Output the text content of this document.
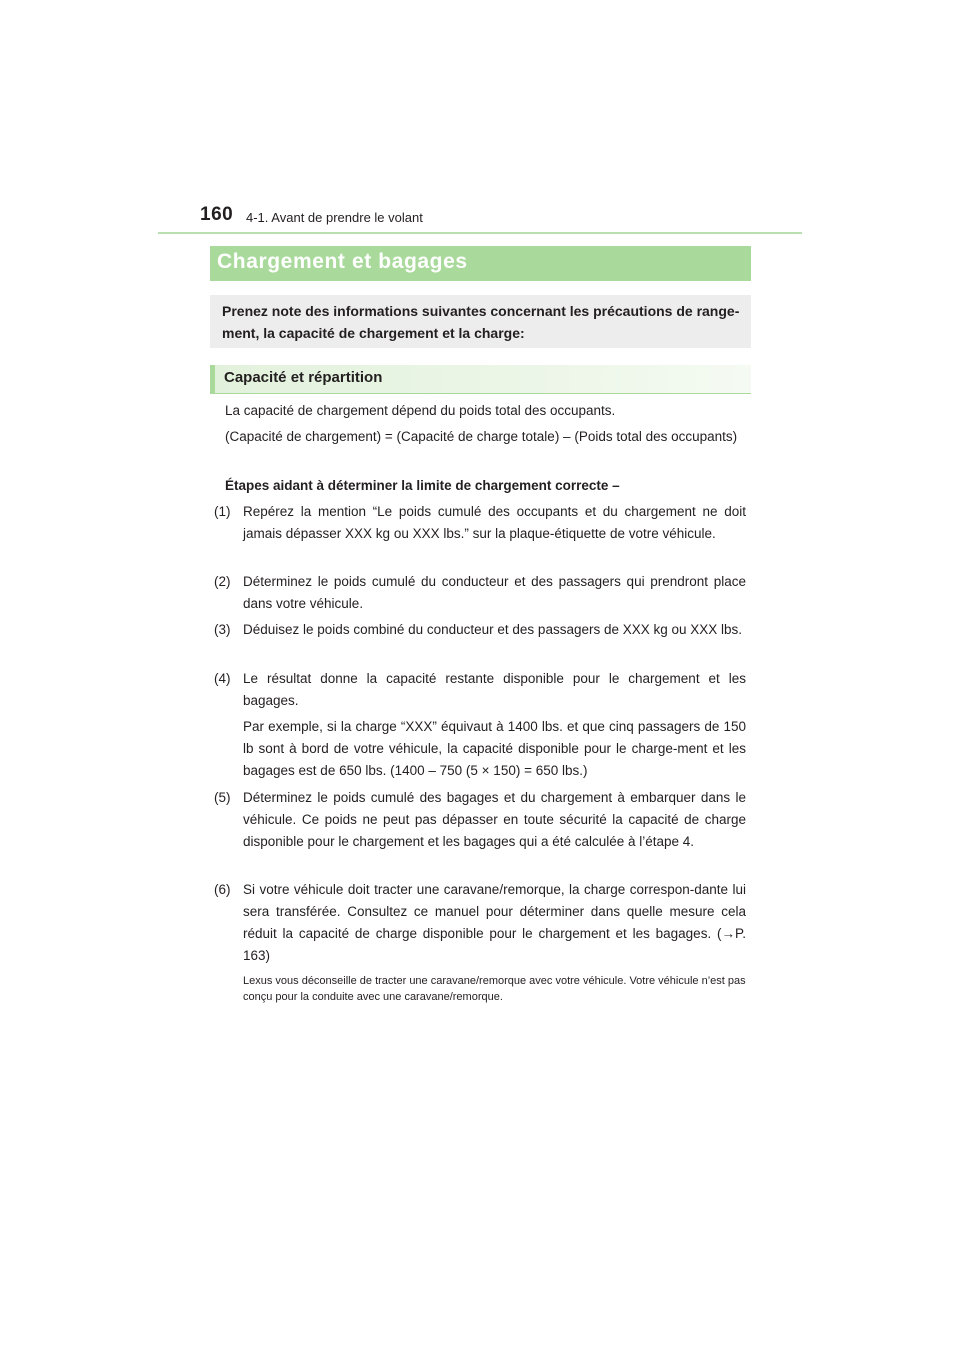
160 4-1. Avant de prendre le volant
Chargement et bagages
Prenez note des informations suivantes concernant les précautions de range-ment, la capacité de chargement et la charge:
Capacité et répartition
La capacité de chargement dépend du poids total des occupants.
(Capacité de chargement) = (Capacité de charge totale) – (Poids total des occupants)
Étapes aidant à déterminer la limite de chargement correcte –
(1) Repérez la mention “Le poids cumulé des occupants et du chargement ne doit jamais dépasser XXX kg ou XXX lbs.” sur la plaque-étiquette de votre véhicule.
(2) Déterminez le poids cumulé du conducteur et des passagers qui prendront place dans votre véhicule.
(3) Déduisez le poids combiné du conducteur et des passagers de XXX kg ou XXX lbs.
(4) Le résultat donne la capacité restante disponible pour le chargement et les bagages.
Par exemple, si la charge “XXX” équivaut à 1400 lbs. et que cinq passagers de 150 lb sont à bord de votre véhicule, la capacité disponible pour le charge-ment et les bagages est de 650 lbs. (1400 – 750 (5 × 150) = 650 lbs.)
(5) Déterminez le poids cumulé des bagages et du chargement à embarquer dans le véhicule. Ce poids ne peut pas dépasser en toute sécurité la capacité de charge disponible pour le chargement et les bagages qui a été calculée à l’étape 4.
(6) Si votre véhicule doit tracter une caravane/remorque, la charge correspon-dante lui sera transférée. Consultez ce manuel pour déterminer dans quelle mesure cela réduit la capacité de charge disponible pour le chargement et les bagages. (→P. 163)
Lexus vous déconseille de tracter une caravane/remorque avec votre véhicule. Votre véhicule n’est pas conçu pour la conduite avec une caravane/remorque.
